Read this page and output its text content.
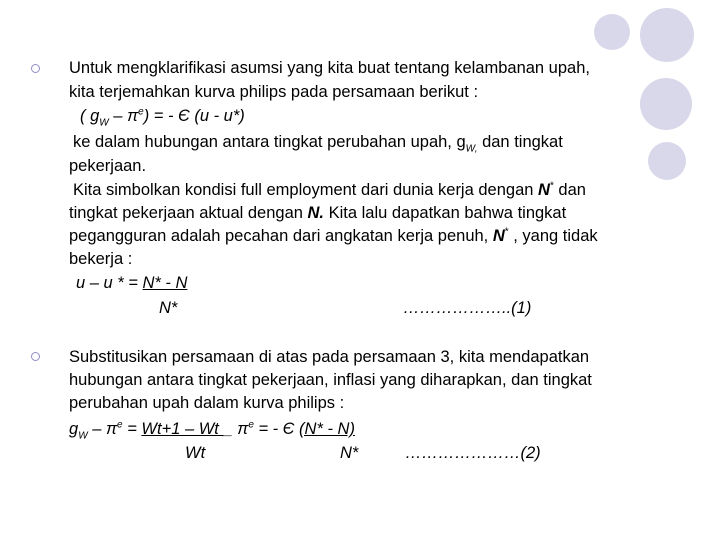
Untuk mengklarifikasi asumsi yang kita buat tentang kelambanan upah,
kita terjemahkan kurva philips pada persamaan berikut :
( $g_W - \pi^e$) = - Є (u - u*)
ke dalam hubungan antara tingkat perubahan upah, $g_{W,}$ dan tingkat
pekerjaan.
Kita simbolkan kondisi full employment dari dunia kerja dengan N* dan
tingkat pekerjaan aktual dengan N. Kita lalu dapatkan bahwa tingkat
pegangguran adalah pecahan dari angkatan kerja penuh, N* , yang tidak
bekerja :
u – u * = N* - N
N*	………………..(1)
Substitusikan persamaan di atas pada persamaan 3, kita mendapatkan
hubungan antara tingkat pekerjaan, inflasi yang diharapkan, dan tingkat
perubahan upah dalam kurva philips :
$g_W - \pi^e = Wt+1 - Wt$ _ $\pi^e$ = - Є (N* - N)
Wt	N*	…………………(2)
